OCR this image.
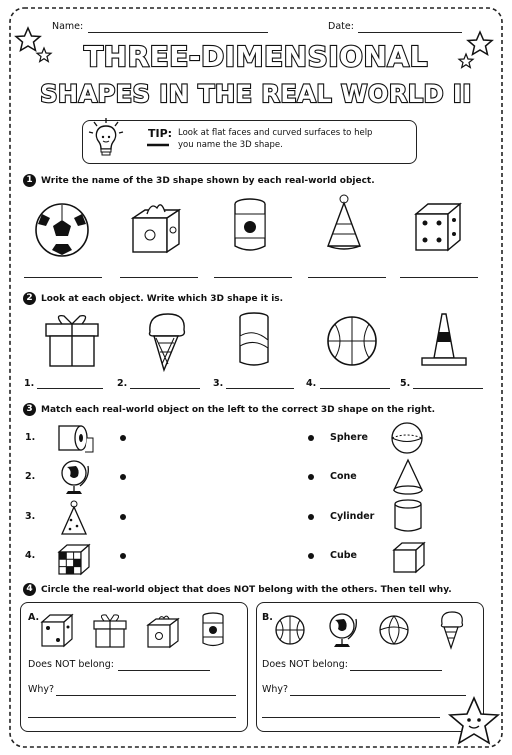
Name:	Date:
THREE-DIMENSIONAL
SHAPES IN THE REAL WORLD II
TIP: Look at flat faces and curved surfaces to help
you name the 3D shape.
1 Write the name of the 3D shape shown by each real-world object.
2 Look at each object. Write which 3D shape it is.
1.	2.	3.	4.	5.
3 Match each real-world object on the left to the correct 3D shape on the right.
1.
2.
3.
4.
Sphere
Cone
Cylinder
Cube
4 Circle the real-world object that does NOT belong with the others. Then tell why.
A.	B.
Does NOT belong:
Why?
Does NOT belong:
Why?
